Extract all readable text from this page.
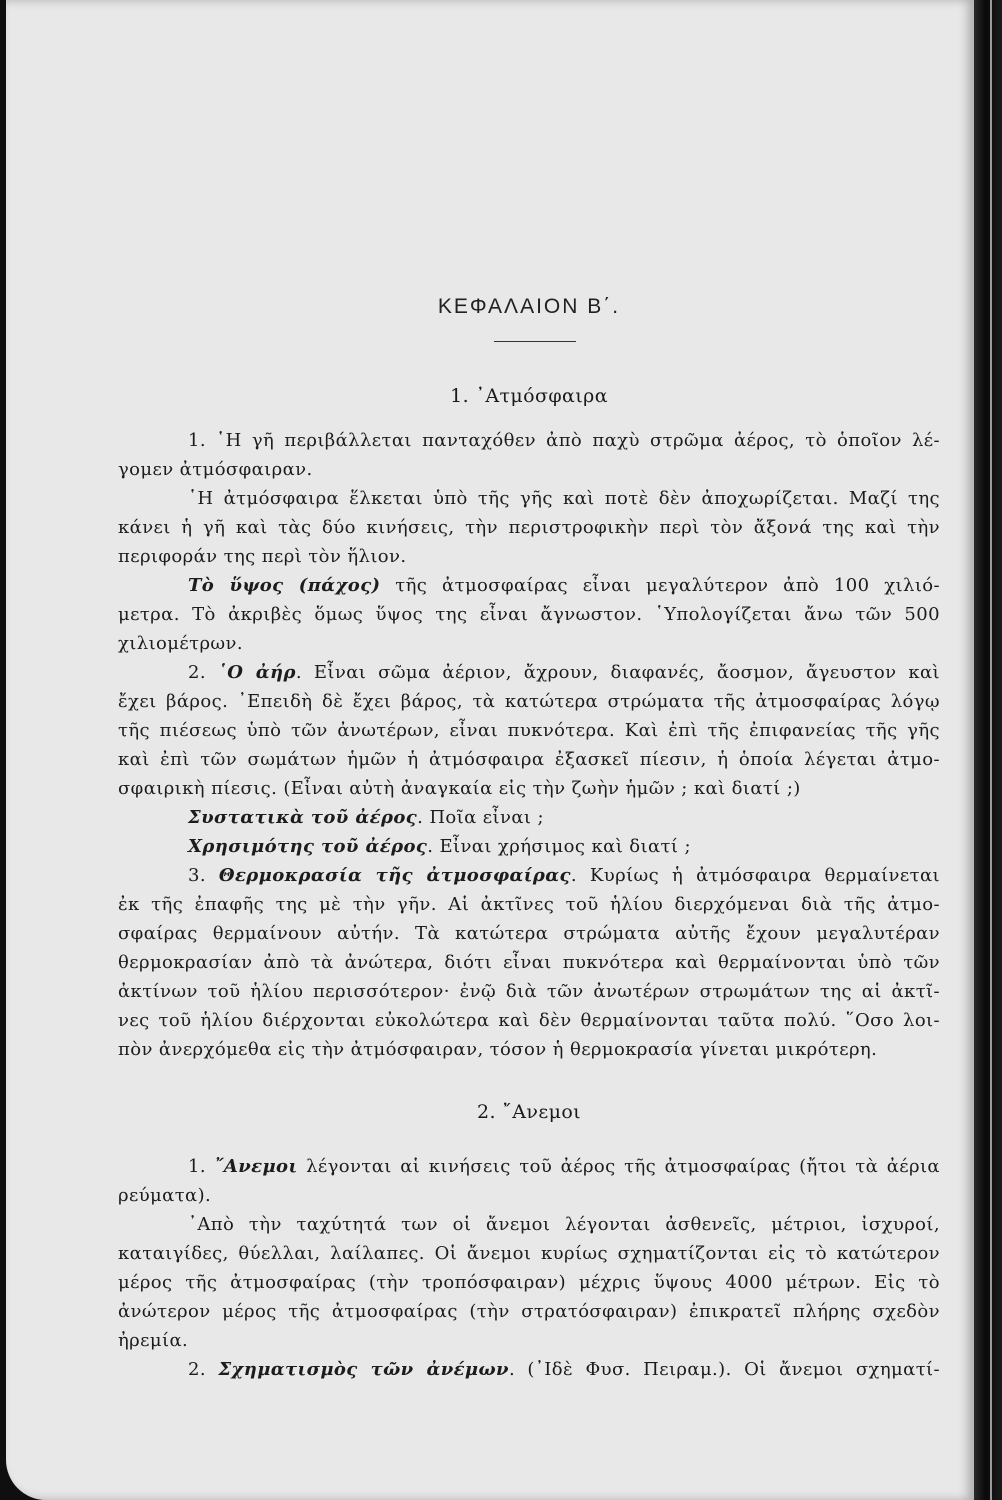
ΚΕΦΑΛΑΙΟΝ Β΄.
1. ᾿Ατμόσφαιρα
1. ῾Η γῆ περιβάλλεται πανταχόθεν ἀπὸ παχὺ στρῶμα ἀέρος, τὸ ὁποῖον λέ-
γομεν ἀτμόσφαιραν.
῾Η ἀτμόσφαιρα ἕλκεται ὑπὸ τῆς γῆς καὶ ποτὲ δὲν ἀποχωρίζεται. Μαζί της
κάνει ἡ γῆ καὶ τὰς δύο κινήσεις, τὴν περιστροφικὴν περὶ τὸν ἄξονά της καὶ τὴν
περιφοράν της περὶ τὸν ἥλιον.
Τὸ ὕψος (πάχος) τῆς ἀτμοσφαίρας εἶναι μεγαλύτερον ἀπὸ 100 χιλιό-
μετρα. Τὸ ἀκριβὲς ὅμως ὕψος της εἶναι ἄγνωστον. ῾Υπολογίζεται ἄνω τῶν 500
χιλιομέτρων.
2. ῾Ο ἀήρ. Εἶναι σῶμα ἀέριον, ἄχρουν, διαφανές, ἄοσμον, ἄγευστον καὶ
ἔχει βάρος. ᾿Επειδὴ δὲ ἔχει βάρος, τὰ κατώτερα στρώματα τῆς ἀτμοσφαίρας λόγῳ
τῆς πιέσεως ὑπὸ τῶν ἀνωτέρων, εἶναι πυκνότερα. Καὶ ἐπὶ τῆς ἐπιφανείας τῆς γῆς
καὶ ἐπὶ τῶν σωμάτων ἡμῶν ἡ ἀτμόσφαιρα ἐξασκεῖ πίεσιν, ἡ ὁποία λέγεται ἀτμο-
σφαιρικὴ πίεσις. (Εἶναι αὐτὴ ἀναγκαία εἰς τὴν ζωὴν ἡμῶν ; καὶ διατί ;)
Συστατικὰ τοῦ ἀέρος. Ποῖα εἶναι ;
Χρησιμότης τοῦ ἀέρος. Εἶναι χρήσιμος καὶ διατί ;
3. Θερμοκρασία τῆς ἀτμοσφαίρας. Κυρίως ἡ ἀτμόσφαιρα θερμαίνεται
ἐκ τῆς ἐπαφῆς της μὲ τὴν γῆν. Αἱ ἀκτῖνες τοῦ ἡλίου διερχόμεναι διὰ τῆς ἀτμο-
σφαίρας θερμαίνουν αὐτήν. Τὰ κατώτερα στρώματα αὐτῆς ἔχουν μεγαλυτέραν
θερμοκρασίαν ἀπὸ τὰ ἀνώτερα, διότι εἶναι πυκνότερα καὶ θερμαίνονται ὑπὸ τῶν
ἀκτίνων τοῦ ἡλίου περισσότερον· ἐνῷ διὰ τῶν ἀνωτέρων στρωμάτων της αἱ ἀκτῖ-
νες τοῦ ἡλίου διέρχονται εὐκολώτερα καὶ δὲν θερμαίνονται ταῦτα πολύ. ῞Οσο λοι-
πὸν ἀνερχόμεθα εἰς τὴν ἀτμόσφαιραν, τόσον ἡ θερμοκρασία γίνεται μικρότερη.
2. ῎Ανεμοι
1. ῎Ανεμοι λέγονται αἱ κινήσεις τοῦ ἀέρος τῆς ἀτμοσφαίρας (ἤτοι τὰ ἀέρια
ρεύματα).
᾿Απὸ τὴν ταχύτητά των οἱ ἄνεμοι λέγονται ἀσθενεῖς, μέτριοι, ἰσχυροί,
καταιγίδες, θύελλαι, λαίλαπες. Οἱ ἄνεμοι κυρίως σχηματίζονται εἰς τὸ κατώτερον
μέρος τῆς ἀτμοσφαίρας (τὴν τροπόσφαιραν) μέχρις ὕψους 4000 μέτρων. Εἰς τὸ
ἀνώτερον μέρος τῆς ἀτμοσφαίρας (τὴν στρατόσφαιραν) ἐπικρατεῖ πλήρης σχεδὸν
ἠρεμία.
2. Σχηματισμὸς τῶν ἀνέμων. (᾿Ιδὲ Φυσ. Πειραμ.). Οἱ ἄνεμοι σχηματί-
